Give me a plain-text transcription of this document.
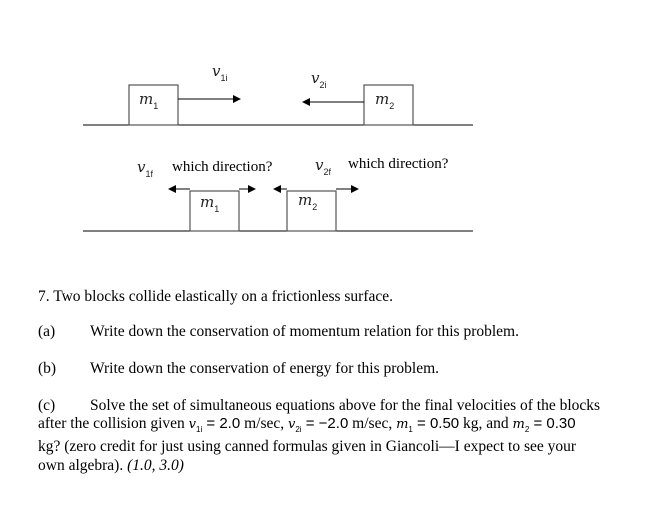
$m_1$	$m_2$
$v_{1i}$	$v_{2i}$
$m_1$	$m_2$
$v_{1f}$	$v_{2f}$
which direction?	which direction?
7. Two blocks collide elastically on a frictionless surface.
(a) Write down the conservation of momentum relation for this problem.
(b) Write down the conservation of energy for this problem.
(c) Solve the set of simultaneous equations above for the final velocities of the blocks
after the collision given $v_{1i} = 2.0$ m/sec, $v_{2i} = -2.0$ m/sec, $m_1 = 0.50$ kg, and $m_2 = 0.30$
kg? (zero credit for just using canned formulas given in Giancoli—I expect to see your
own algebra). (1.0, 3.0)
